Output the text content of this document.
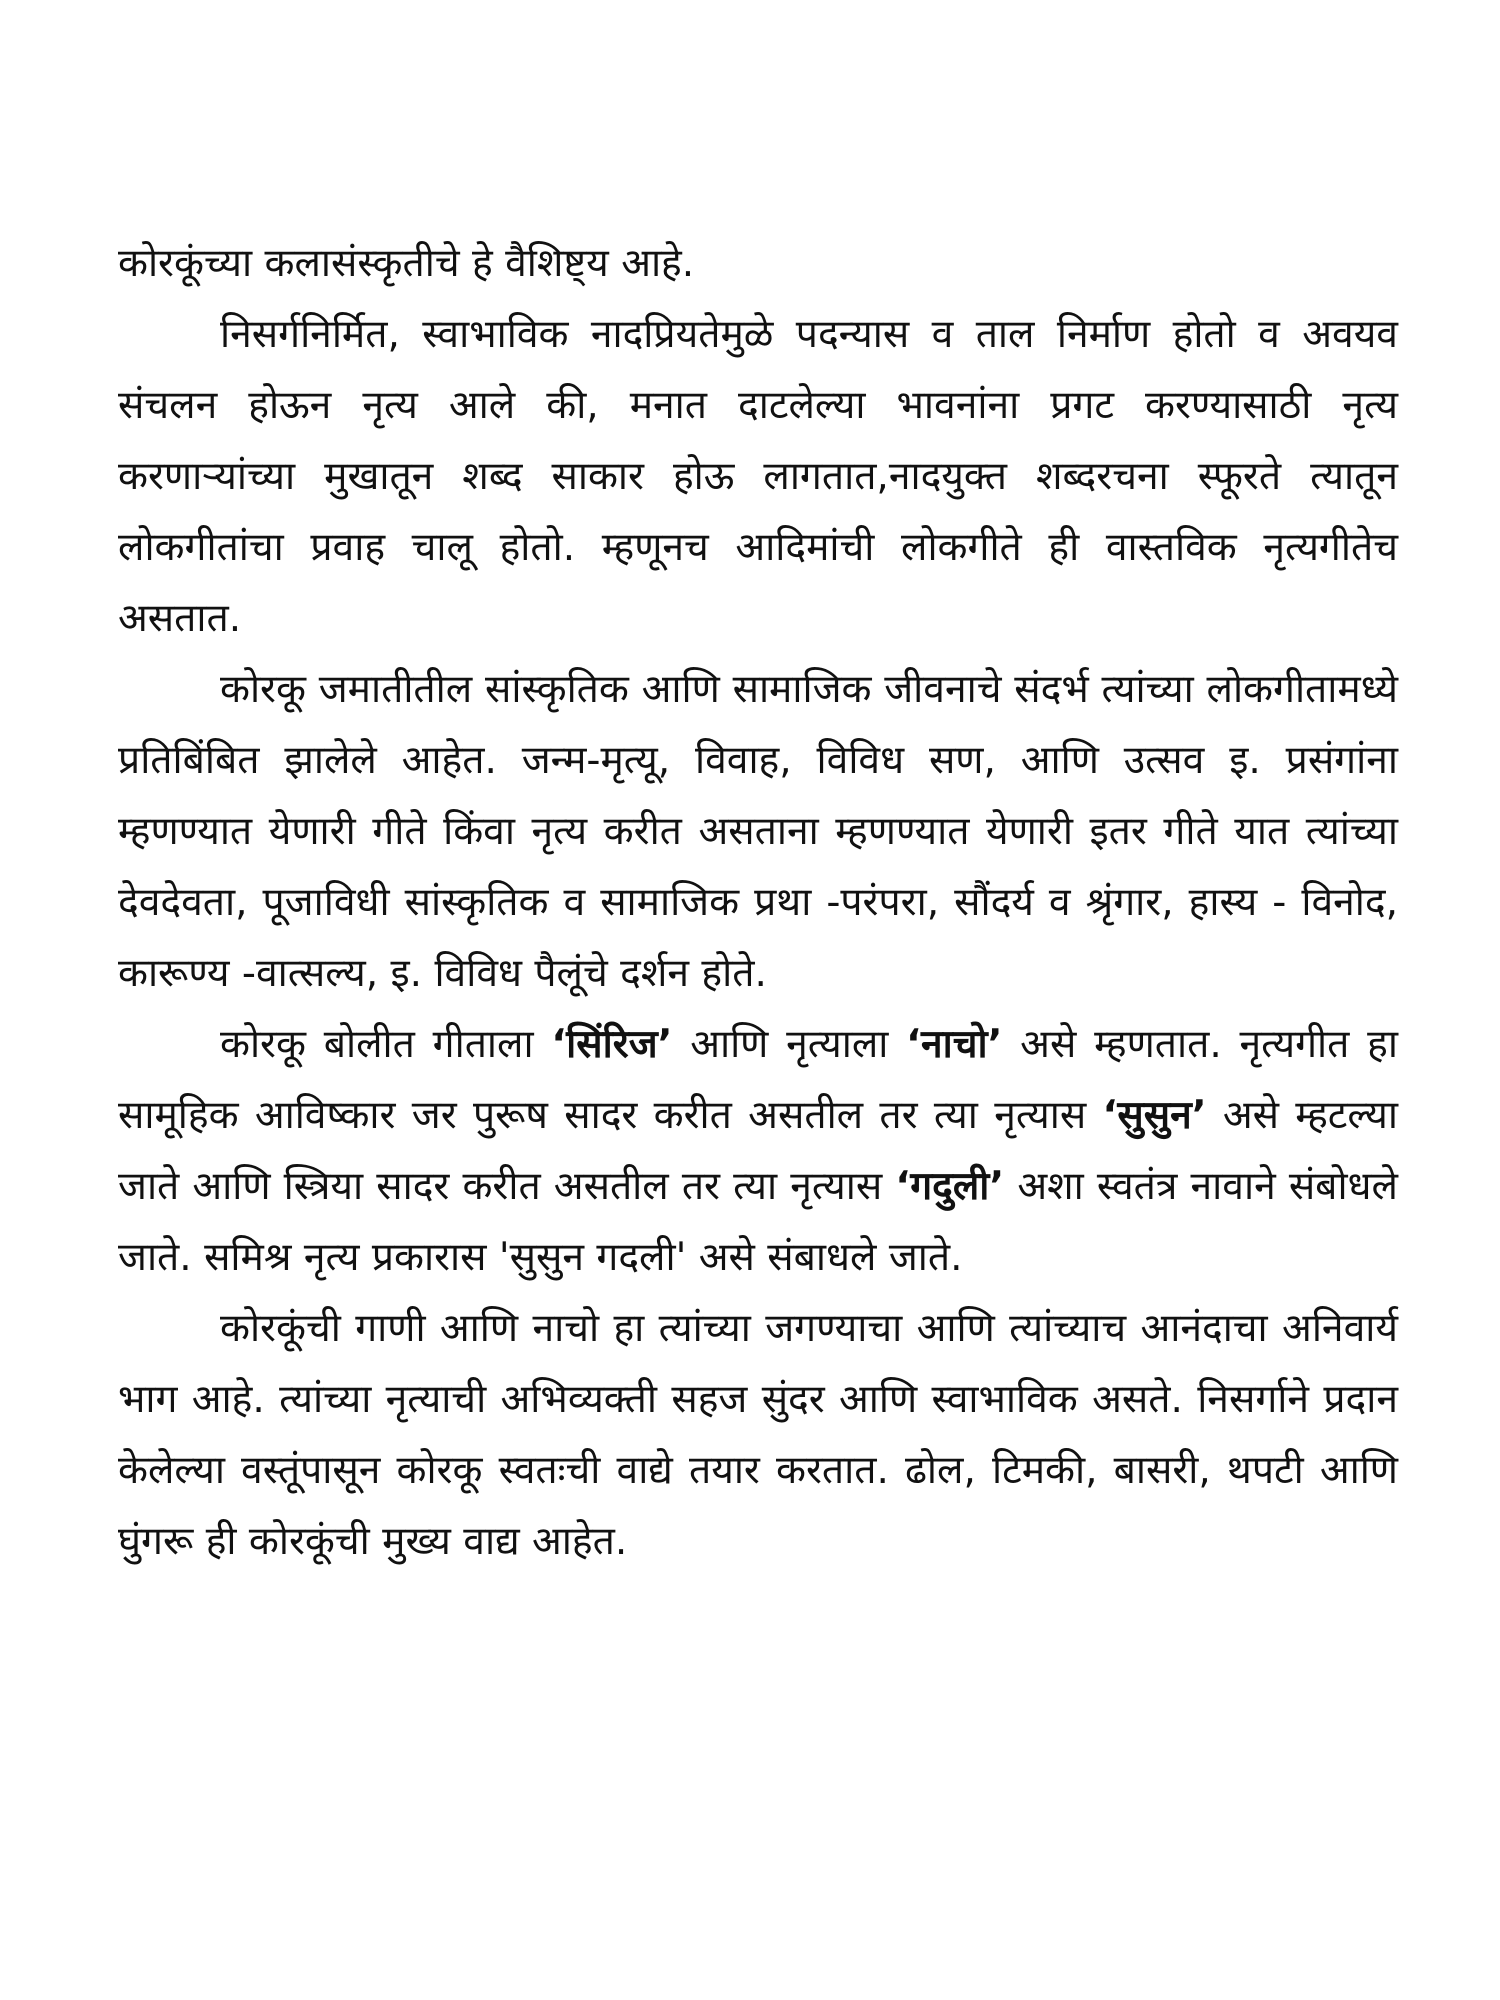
कोरकूंच्या कलासंस्कृतीचे हे वैशिष्ट्य आहे.

निसर्गनिर्मित, स्वाभाविक नादप्रियतेमुळे पदन्यास व ताल निर्माण होतो व अवयव संचलन होऊन नृत्य आले की, मनात दाटलेल्या भावनांना प्रगट करण्यासाठी नृत्य करणाऱ्यांच्या मुखातून शब्द साकार होऊ लागतात,नादयुक्त शब्दरचना स्फूरते त्यातून लोकगीतांचा प्रवाह चालू होतो. म्हणूनच आदिमांची लोकगीते ही वास्तविक नृत्यगीतेच असतात.

कोरकू जमातीतील सांस्कृतिक आणि सामाजिक जीवनाचे संदर्भ त्यांच्या लोकगीतामध्ये प्रतिबिंबित झालेले आहेत. जन्म-मृत्यू, विवाह, विविध सण, आणि उत्सव इ. प्रसंगांना म्हणण्यात येणारी गीते किंवा नृत्य करीत असताना म्हणण्यात येणारी इतर गीते यात त्यांच्या देवदेवता, पूजाविधी सांस्कृतिक व सामाजिक प्रथा -परंपरा, सौंदर्य व श्रृंगार, हास्य - विनोद, कारूण्य -वात्सल्य, इ. विविध पैलूंचे दर्शन होते.

कोरकू बोलीत गीताला ‘सिंरिज’ आणि नृत्याला ‘नाचो’ असे म्हणतात. नृत्यगीत हा सामूहिक आविष्कार जर पुरूष सादर करीत असतील तर त्या नृत्यास ‘सुसुन’ असे म्हटल्या जाते आणि स्त्रिया सादर करीत असतील तर त्या नृत्यास ‘गदुली’ अशा स्वतंत्र नावाने संबोधले जाते. समिश्र नृत्य प्रकारास 'सुसुन गदली' असे संबाधले जाते.

कोरकूंची गाणी आणि नाचो हा त्यांच्या जगण्याचा आणि त्यांच्याच आनंदाचा अनिवार्य भाग आहे. त्यांच्या नृत्याची अभिव्यक्ती सहज सुंदर आणि स्वाभाविक असते. निसर्गाने प्रदान केलेल्या वस्तूंपासून कोरकू स्वतःची वाद्ये तयार करतात. ढोल, टिमकी, बासरी, थपटी आणि घुंगरू ही कोरकूंची मुख्य वाद्य आहेत.
